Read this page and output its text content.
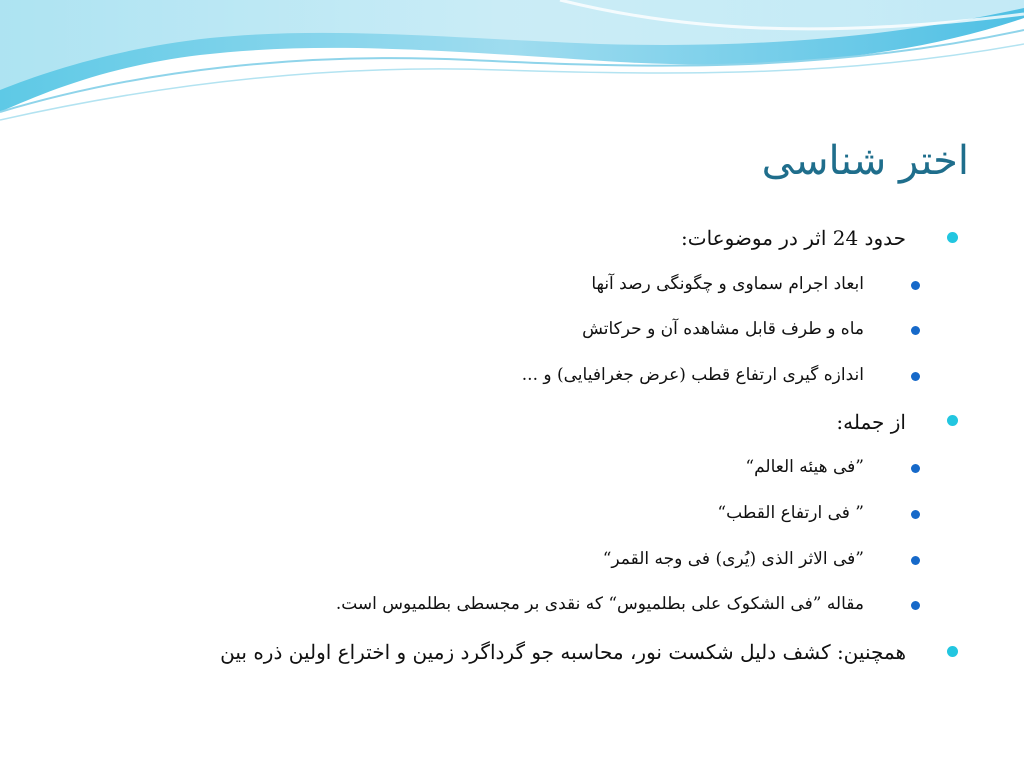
اختر شناسی
حدود 24 اثر در موضوعات:
ابعاد اجرام سماوی و چگونگی رصد آنها
ماه و طرف قابل مشاهده آن و حرکاتش
اندازه گیری ارتفاع قطب (عرض جغرافیایی) و ...
از جمله:
”فی هیئه العالم“
” فی ارتفاع القطب“
”فی الاثر الذی (یُری) فی وجه القمر“
مقاله ”فی الشکوک علی بطلمیوس“ که نقدی بر مجسطی بطلمیوس است.
همچنین: کشف دلیل شکست نور، محاسبه جو گرداگرد زمین و اختراع اولین ذره بین
